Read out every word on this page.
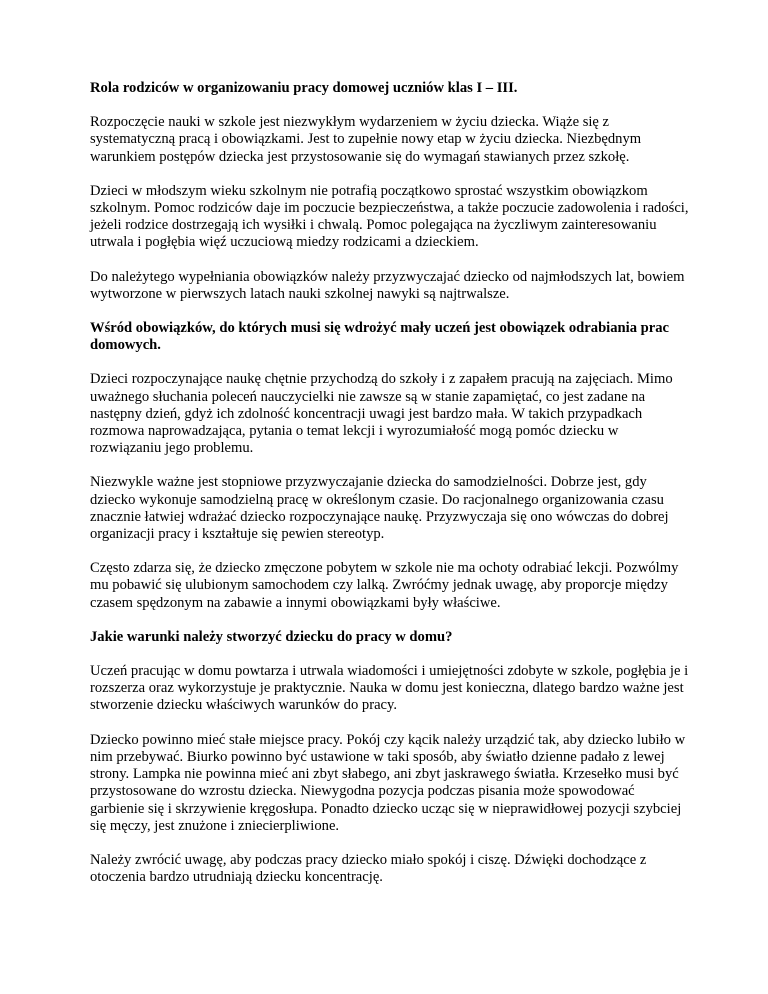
Rola rodziców w organizowaniu pracy domowej uczniów klas I – III.

Rozpoczęcie nauki w szkole jest niezwykłym wydarzeniem w życiu dziecka. Wiąże się z systematyczną pracą i obowiązkami. Jest to zupełnie nowy etap w życiu dziecka. Niezbędnym warunkiem postępów dziecka jest przystosowanie się do wymagań stawianych przez szkołę.

Dzieci w młodszym wieku szkolnym nie potrafią początkowo sprostać wszystkim obowiązkom szkolnym. Pomoc rodziców daje im poczucie bezpieczeństwa, a także poczucie zadowolenia i radości, jeżeli rodzice dostrzegają ich wysiłki i chwalą. Pomoc polegająca na życzliwym zainteresowaniu utrwala i pogłębia więź uczuciową miedzy rodzicami a dzieckiem.

Do należytego wypełniania obowiązków należy przyzwyczajać dziecko od najmłodszych lat, bowiem wytworzone w pierwszych latach nauki szkolnej nawyki są najtrwalsze.

Wśród obowiązków, do których musi się wdrożyć mały uczeń jest obowiązek odrabiania prac domowych.

Dzieci rozpoczynające naukę chętnie przychodzą do szkoły i z zapałem pracują na zajęciach. Mimo uważnego słuchania poleceń nauczycielki nie zawsze są w stanie zapamiętać, co jest zadane na następny dzień, gdyż ich zdolność koncentracji uwagi jest bardzo mała. W takich przypadkach rozmowa naprowadzająca, pytania o temat lekcji i wyrozumiałość mogą pomóc dziecku w rozwiązaniu jego problemu.

Niezwykle ważne jest stopniowe przyzwyczajanie dziecka do samodzielności. Dobrze jest, gdy dziecko wykonuje samodzielną pracę w określonym czasie. Do racjonalnego organizowania czasu znacznie łatwiej wdrażać dziecko rozpoczynające naukę. Przyzwyczaja się ono wówczas do dobrej organizacji pracy i kształtuje się pewien stereotyp.

Często zdarza się, że dziecko zmęczone pobytem w szkole nie ma ochoty odrabiać lekcji. Pozwólmy mu pobawić się ulubionym samochodem czy lalką. Zwróćmy jednak uwagę, aby proporcje między czasem spędzonym na zabawie a innymi obowiązkami były właściwe.

Jakie warunki należy stworzyć dziecku do pracy w domu?

Uczeń pracując w domu powtarza i utrwala wiadomości i umiejętności zdobyte w szkole, pogłębia je i rozszerza oraz wykorzystuje je praktycznie. Nauka w domu jest konieczna, dlatego bardzo ważne jest stworzenie dziecku właściwych warunków do pracy.

Dziecko powinno mieć stałe miejsce pracy. Pokój czy kącik należy urządzić tak, aby dziecko lubiło w nim przebywać. Biurko powinno być ustawione w taki sposób, aby światło dzienne padało z lewej strony. Lampka nie powinna mieć ani zbyt słabego, ani zbyt jaskrawego światła. Krzesełko musi być przystosowane do wzrostu dziecka. Niewygodna pozycja podczas pisania może spowodować garbienie się i skrzywienie kręgosłupa. Ponadto dziecko ucząc się w nieprawidłowej pozycji szybciej się męczy, jest znużone i zniecierpliwione.

Należy zwrócić uwagę, aby podczas pracy dziecko miało spokój i ciszę. Dźwięki dochodzące z otoczenia bardzo utrudniają dziecku koncentrację.
